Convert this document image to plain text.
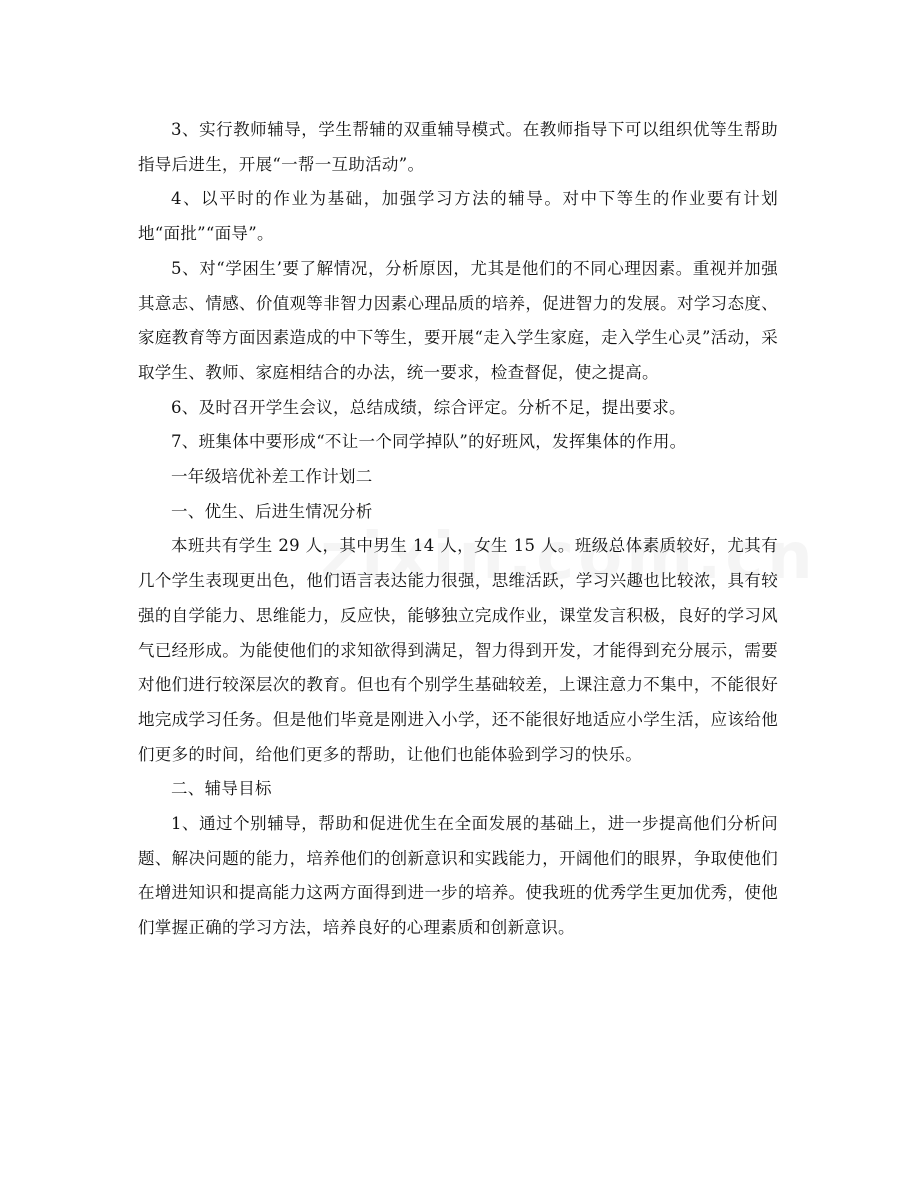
3、实行教师辅导，学生帮辅的双重辅导模式。在教师指导下可以组织优等生帮助指导后进生，开展“一帮一互助活动”。

4、以平时的作业为基础，加强学习方法的辅导。对中下等生的作业要有计划地“面批”“面导”。

5、对“学困生’要了解情况，分析原因，尤其是他们的不同心理因素。重视并加强其意志、情感、价值观等非智力因素心理品质的培养，促进智力的发展。对学习态度、家庭教育等方面因素造成的中下等生，要开展“走入学生家庭，走入学生心灵”活动，采取学生、教师、家庭相结合的办法，统一要求，检查督促，使之提高。

6、及时召开学生会议，总结成绩，综合评定。分析不足，提出要求。

7、班集体中要形成“不让一个同学掉队”的好班风，发挥集体的作用。

一年级培优补差工作计划二

一、优生、后进生情况分析

本班共有学生 29 人，其中男生 14 人，女生 15 人。班级总体素质较好，尤其有几个学生表现更出色，他们语言表达能力很强，思维活跃，学习兴趣也比较浓，具有较强的自学能力、思维能力，反应快，能够独立完成作业，课堂发言积极，良好的学习风气已经形成。为能使他们的求知欲得到满足，智力得到开发，才能得到充分展示，需要对他们进行较深层次的教育。但也有个别学生基础较差，上课注意力不集中，不能很好地完成学习任务。但是他们毕竟是刚进入小学，还不能很好地适应小学生活，应该给他们更多的时间，给他们更多的帮助，让他们也能体验到学习的快乐。

二、辅导目标

1、通过个别辅导，帮助和促进优生在全面发展的基础上，进一步提高他们分析问题、解决问题的能力，培养他们的创新意识和实践能力，开阔他们的眼界，争取使他们在增进知识和提高能力这两方面得到进一步的培养。使我班的优秀学生更加优秀，使他们掌握正确的学习方法，培养良好的心理素质和创新意识。
